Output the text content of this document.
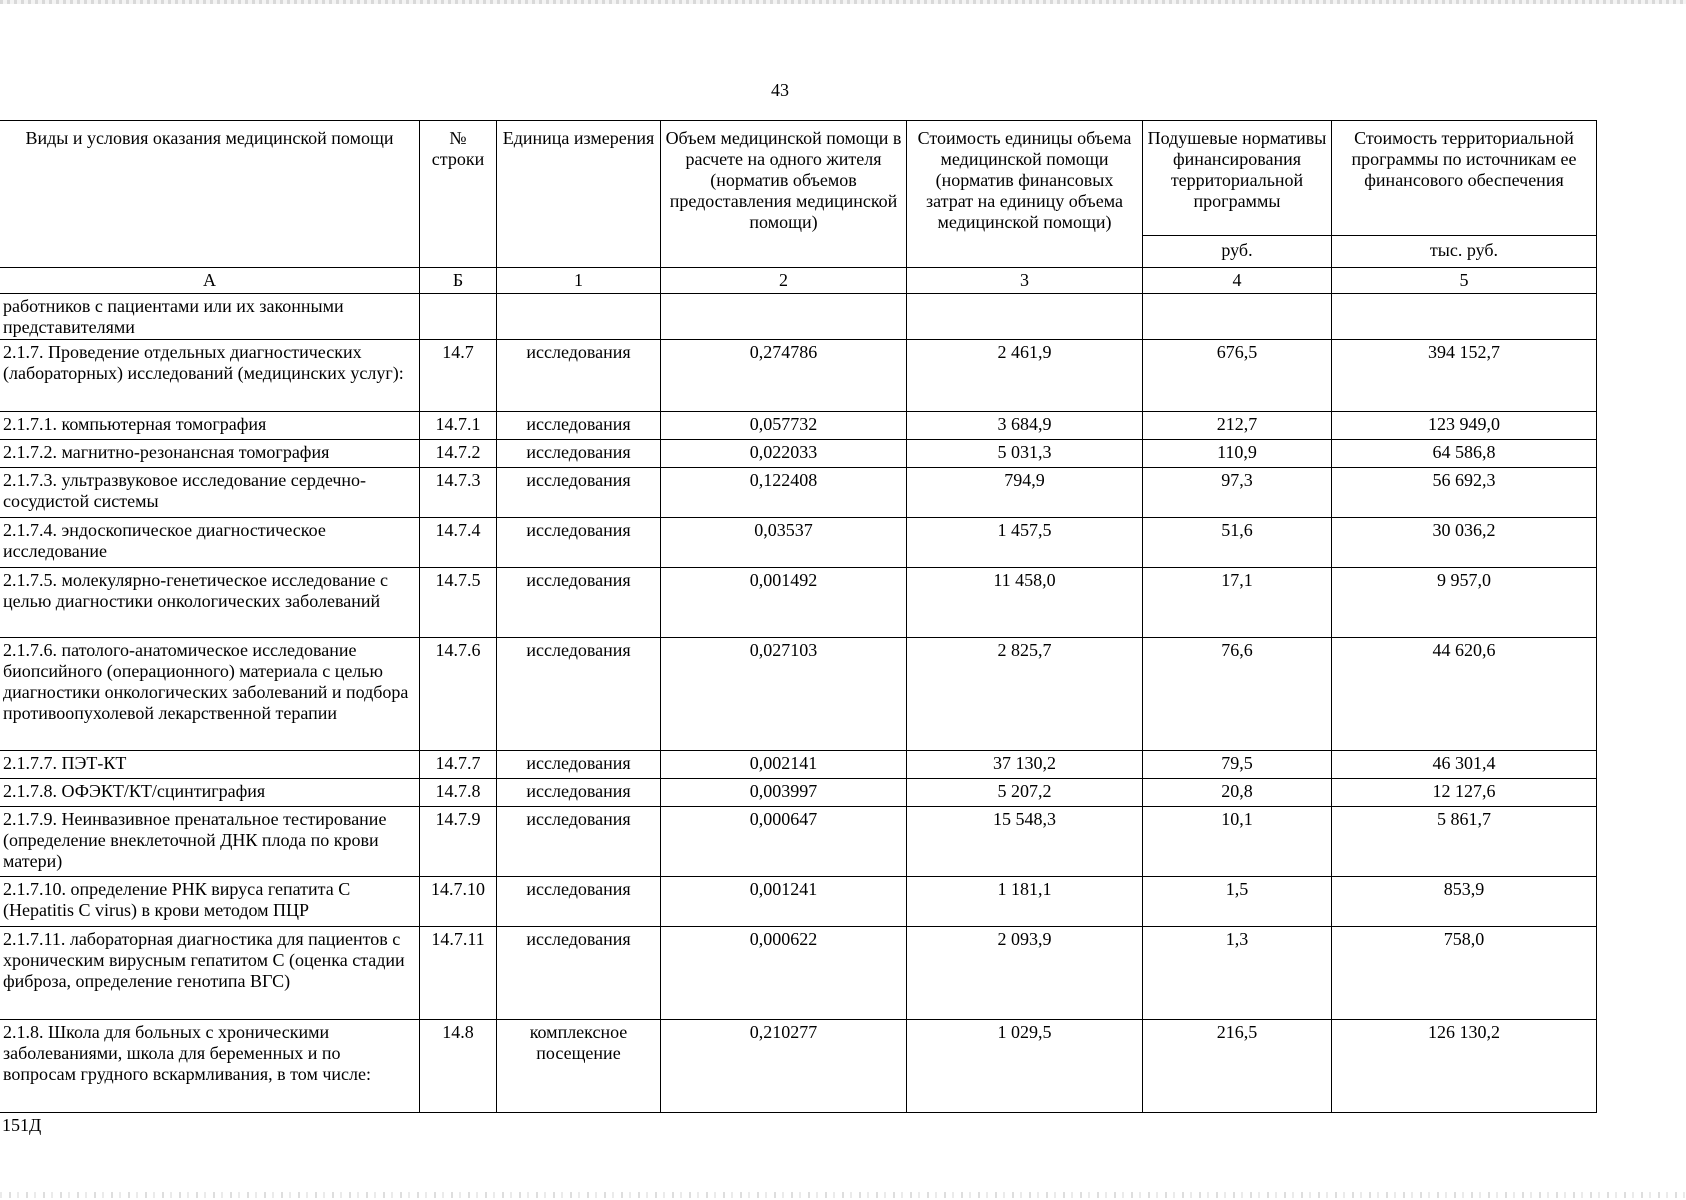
43
Виды и условия оказания медицинской помощи	№ строки	Единица измерения	Объем медицинской помощи в расчете на одного жителя (норматив объемов предоставления медицинской помощи)	Стоимость единицы объема медицинской помощи (норматив финансовых затрат на единицу объема медицинской помощи)	Подушевые нормативы финансирования территориальной программы	Стоимость территориальной программы по источникам ее финансового обеспечения
					руб.	тыс. руб.
А	Б	1	2	3	4	5
работников с пациентами или их законными представителями						
2.1.7. Проведение отдельных диагностических (лабораторных) исследований (медицинских услуг):	14.7	исследования	0,274786	2 461,9	676,5	394 152,7
2.1.7.1. компьютерная томография	14.7.1	исследования	0,057732	3 684,9	212,7	123 949,0
2.1.7.2. магнитно-резонансная томография	14.7.2	исследования	0,022033	5 031,3	110,9	64 586,8
2.1.7.3. ультразвуковое исследование сердечно-сосудистой системы	14.7.3	исследования	0,122408	794,9	97,3	56 692,3
2.1.7.4. эндоскопическое диагностическое исследование	14.7.4	исследования	0,03537	1 457,5	51,6	30 036,2
2.1.7.5. молекулярно-генетическое исследование с целью диагностики онкологических заболеваний	14.7.5	исследования	0,001492	11 458,0	17,1	9 957,0
2.1.7.6. патолого-анатомическое исследование биопсийного (операционного) материала с целью диагностики онкологических заболеваний и подбора противоопухолевой лекарственной терапии	14.7.6	исследования	0,027103	2 825,7	76,6	44 620,6
2.1.7.7. ПЭТ-КТ	14.7.7	исследования	0,002141	37 130,2	79,5	46 301,4
2.1.7.8. ОФЭКТ/КТ/сцинтиграфия	14.7.8	исследования	0,003997	5 207,2	20,8	12 127,6
2.1.7.9. Неинвазивное пренатальное тестирование (определение внеклеточной ДНК плода по крови матери)	14.7.9	исследования	0,000647	15 548,3	10,1	5 861,7
2.1.7.10. определение РНК вируса гепатита С (Hepatitis C virus) в крови методом ПЦР	14.7.10	исследования	0,001241	1 181,1	1,5	853,9
2.1.7.11. лабораторная диагностика для пациентов с хроническим вирусным гепатитом С (оценка стадии фиброза, определение генотипа ВГС)	14.7.11	исследования	0,000622	2 093,9	1,3	758,0
2.1.8. Школа для больных с хроническими заболеваниями, школа для беременных и по вопросам грудного вскармливания, в том числе:	14.8	комплексное посещение	0,210277	1 029,5	216,5	126 130,2
151Д
